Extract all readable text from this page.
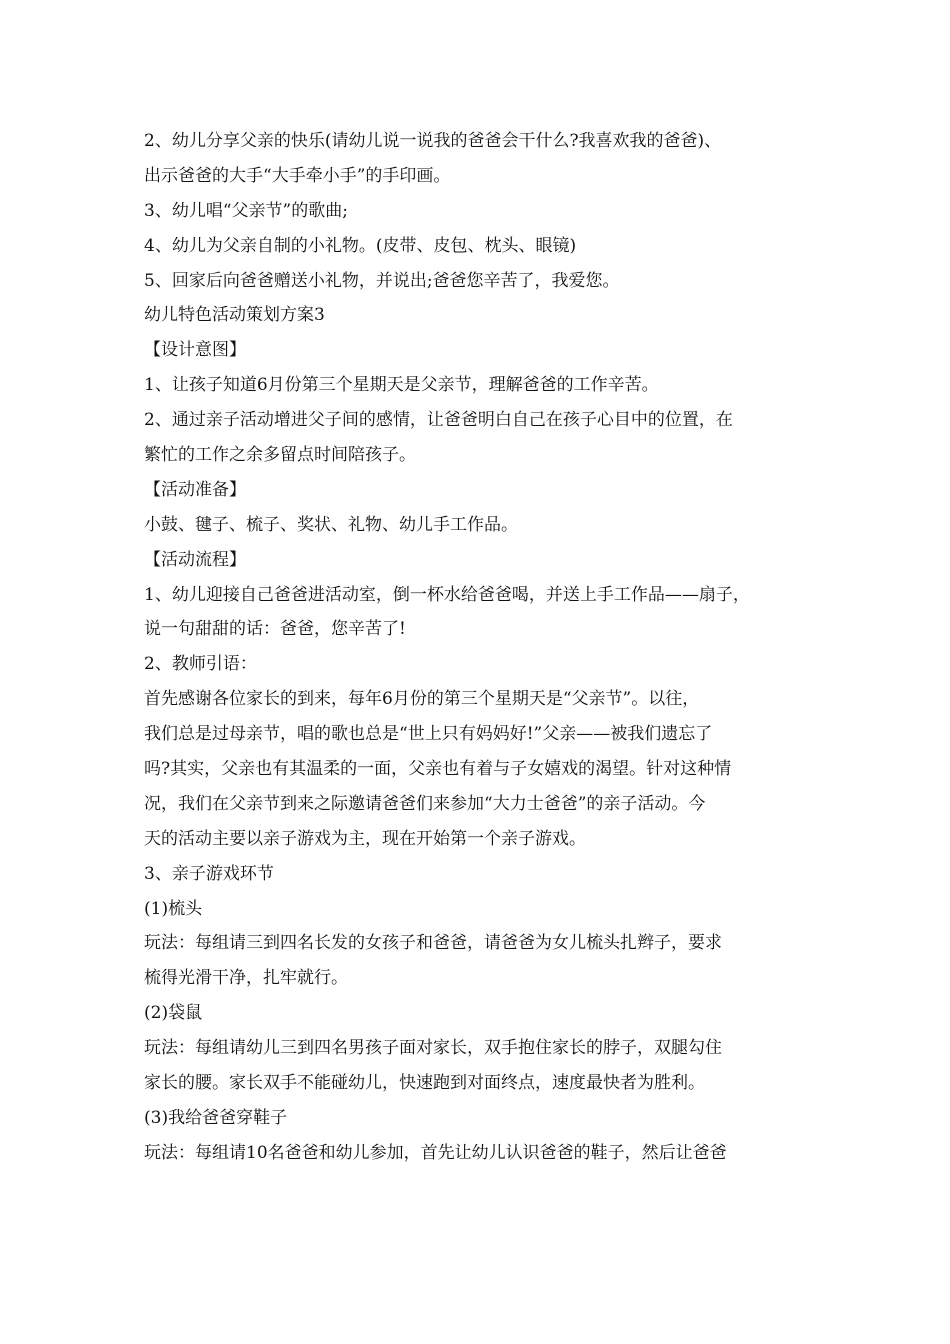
2、幼儿分享父亲的快乐(请幼儿说一说我的爸爸会干什么?我喜欢我的爸爸)、
出示爸爸的大手“大手牵小手”的手印画。
3、幼儿唱“父亲节”的歌曲;
4、幼儿为父亲自制的小礼物。(皮带、皮包、枕头、眼镜)
5、回家后向爸爸赠送小礼物，并说出;爸爸您辛苦了，我爱您。
幼儿特色活动策划方案3
【设计意图】
1、让孩子知道6月份第三个星期天是父亲节，理解爸爸的工作辛苦。
2、通过亲子活动增进父子间的感情，让爸爸明白自己在孩子心目中的位置，在
繁忙的工作之余多留点时间陪孩子。
【活动准备】
小鼓、毽子、梳子、奖状、礼物、幼儿手工作品。
【活动流程】
1、幼儿迎接自己爸爸进活动室，倒一杯水给爸爸喝，并送上手工作品——扇子，
说一句甜甜的话：爸爸，您辛苦了!
2、教师引语：
首先感谢各位家长的到来，每年6月份的第三个星期天是“父亲节”。以往，
我们总是过母亲节，唱的歌也总是“世上只有妈妈好!”父亲——被我们遗忘了
吗?其实，父亲也有其温柔的一面，父亲也有着与子女嬉戏的渴望。针对这种情
况，我们在父亲节到来之际邀请爸爸们来参加“大力士爸爸”的亲子活动。今
天的活动主要以亲子游戏为主，现在开始第一个亲子游戏。
3、亲子游戏环节
(1)梳头
玩法：每组请三到四名长发的女孩子和爸爸，请爸爸为女儿梳头扎辫子，要求
梳得光滑干净，扎牢就行。
(2)袋鼠
玩法：每组请幼儿三到四名男孩子面对家长，双手抱住家长的脖子，双腿勾住
家长的腰。家长双手不能碰幼儿，快速跑到对面终点，速度最快者为胜利。
(3)我给爸爸穿鞋子
玩法：每组请10名爸爸和幼儿参加，首先让幼儿认识爸爸的鞋子，然后让爸爸
